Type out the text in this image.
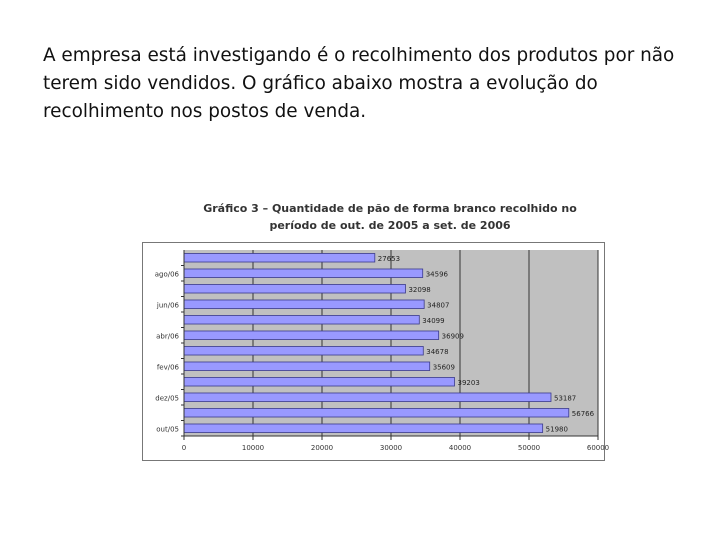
A empresa está investigando é o recolhimento dos produtos por não terem sido vendidos. O gráfico abaixo mostra a evolução do recolhimento nos postos de venda.

Gráfico 3 – Quantidade de pão de forma branco recolhido no
período de out. de 2005 a set. de 2006
51980
56766
53187
39203
35609
34678
36909
34099
34807
32098
34596
27653
0	10000	20000	30000	40000	50000	60000
out/05
dez/05
fev/06
abr/06
jun/06
ago/06
